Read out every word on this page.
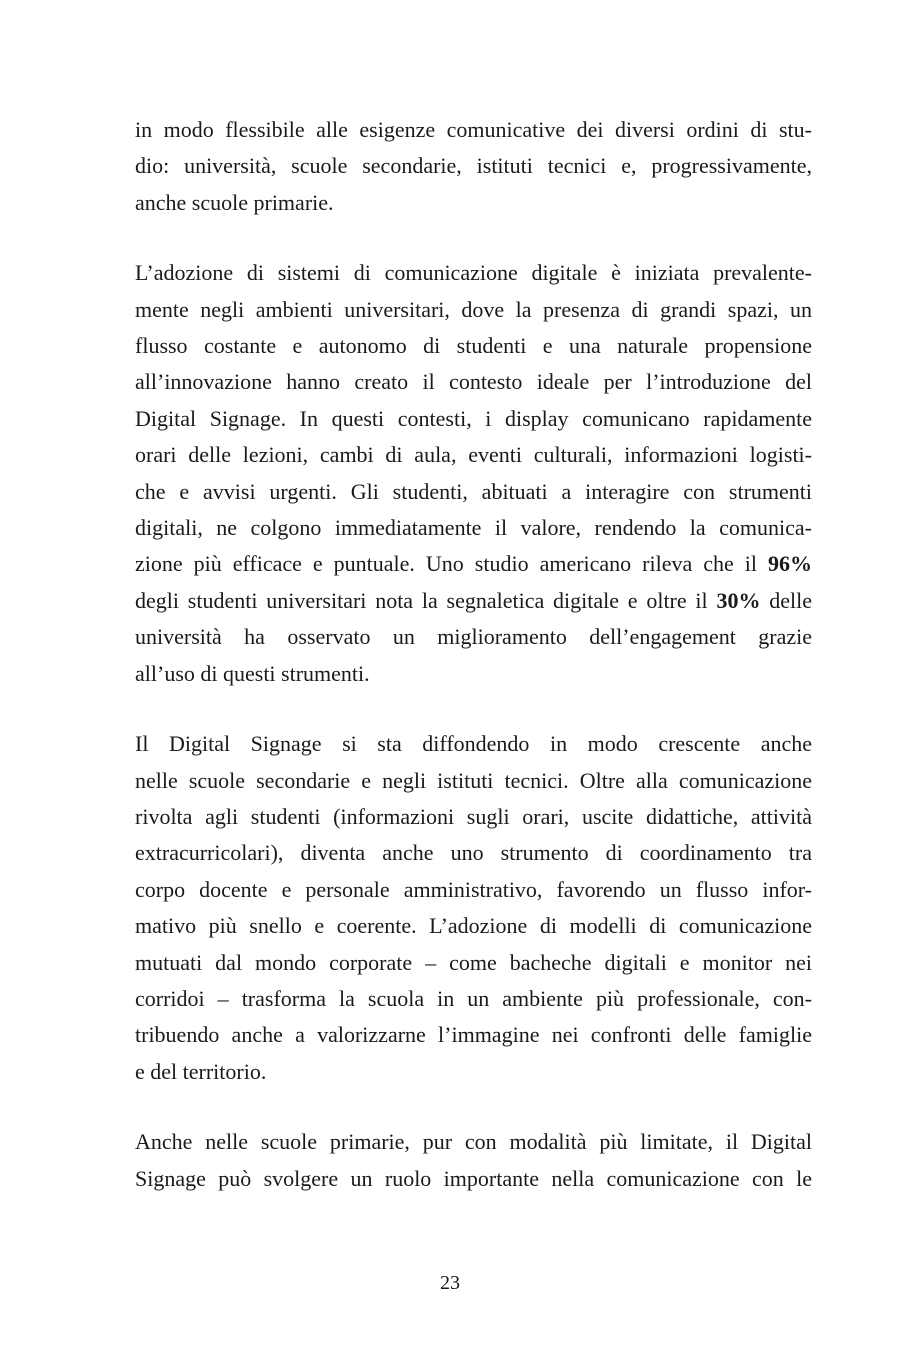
in modo flessibile alle esigenze comunicative dei diversi ordini di stu-
dio: università, scuole secondarie, istituti tecnici e, progressivamente,
anche scuole primarie.

L’adozione di sistemi di comunicazione digitale è iniziata prevalente-
mente negli ambienti universitari, dove la presenza di grandi spazi, un
flusso costante e autonomo di studenti e una naturale propensione
all’innovazione hanno creato il contesto ideale per l’introduzione del
Digital Signage. In questi contesti, i display comunicano rapidamente
orari delle lezioni, cambi di aula, eventi culturali, informazioni logisti-
che e avvisi urgenti. Gli studenti, abituati a interagire con strumenti
digitali, ne colgono immediatamente il valore, rendendo la comunica-
zione più efficace e puntuale. Uno studio americano rileva che il 96%
degli studenti universitari nota la segnaletica digitale e oltre il 30% delle
università ha osservato un miglioramento dell’engagement grazie
all’uso di questi strumenti.

Il Digital Signage si sta diffondendo in modo crescente anche
nelle scuole secondarie e negli istituti tecnici. Oltre alla comunicazione
rivolta agli studenti (informazioni sugli orari, uscite didattiche, attività
extracurricolari), diventa anche uno strumento di coordinamento tra
corpo docente e personale amministrativo, favorendo un flusso infor-
mativo più snello e coerente. L’adozione di modelli di comunicazione
mutuati dal mondo corporate – come bacheche digitali e monitor nei
corridoi – trasforma la scuola in un ambiente più professionale, con-
tribuendo anche a valorizzarne l’immagine nei confronti delle famiglie
e del territorio.

Anche nelle scuole primarie, pur con modalità più limitate, il Digital
Signage può svolgere un ruolo importante nella comunicazione con le

23
